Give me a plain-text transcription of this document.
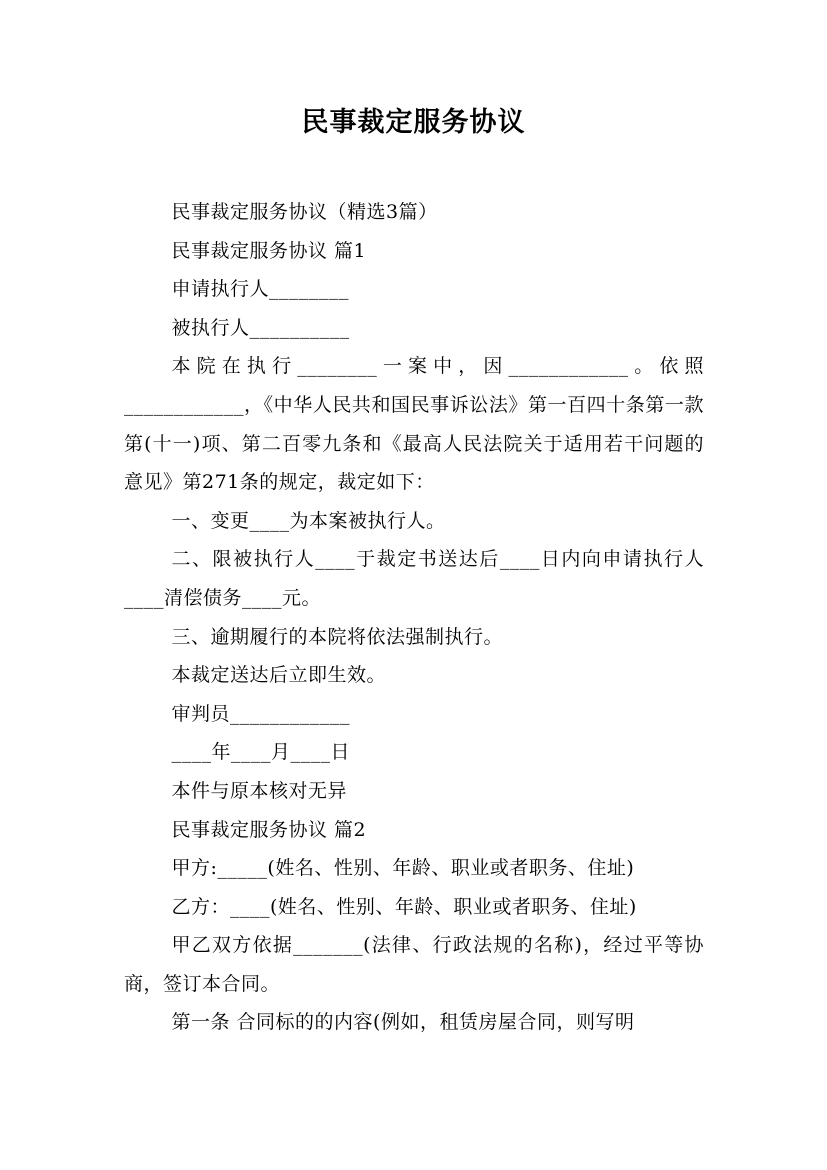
民事裁定服务协议

民事裁定服务协议（精选3篇）

民事裁定服务协议 篇1

申请执行人________

被执行人__________

本院在执行________一案中，因____________。依照____________，《中华人民共和国民事诉讼法》第一百四十条第一款第(十一)项、第二百零九条和《最高人民法院关于适用若干问题的意见》第271条的规定，裁定如下：

一、变更____为本案被执行人。

二、限被执行人____于裁定书送达后____日内向申请执行人____清偿债务____元。

三、逾期履行的本院将依法强制执行。

本裁定送达后立即生效。

审判员____________

____年____月____日

本件与原本核对无异

民事裁定服务协议 篇2

甲方:_____(姓名、性别、年龄、职业或者职务、住址)

乙方：____(姓名、性别、年龄、职业或者职务、住址)

甲乙双方依据_______(法律、行政法规的名称)，经过平等协商，签订本合同。

第一条 合同标的的内容(例如，租赁房屋合同，则写明
